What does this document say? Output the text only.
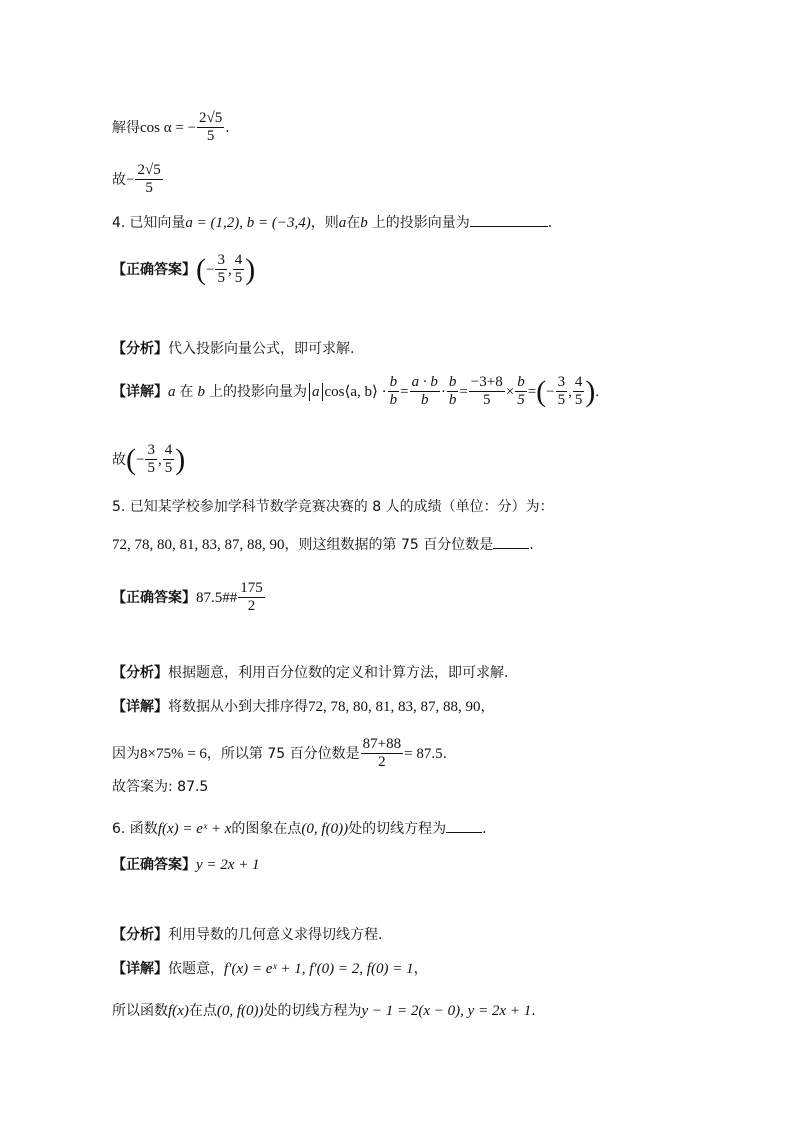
解得cos α = − $\frac{2√5}{5}$ .
故− $\frac{2√5}{5}$
4. 已知向量a = (1,2), b = (−3,4)，则a在b 上的投影向量为	.
【正确答案】(− $\frac{3}{5}$ , $\frac{4}{5}$ )
【分析】代入投影向量公式，即可求解.
【详解】a 在 b 上的投影向量为 a cos⟨a, b⟩ · $\frac{b}{b} = \frac{a \cdot b}{b} \cdot \frac{b}{b} = \frac{-3+8}{5} \times \frac{b}{5}$ =(− $\frac{3}{5}$ , $\frac{4}{5}$ ).
故(− $\frac{3}{5}$ , $\frac{4}{5}$ )
5. 已知某学校参加学科节数学竞赛决赛的 8 人的成绩（单位：分）为：
72, 78, 80, 81, 83, 87, 88, 90，则这组数据的第 75 百分位数是	.
【正确答案】87.5## $\frac{175}{2}$
【分析】根据题意，利用百分位数的定义和计算方法，即可求解.
【详解】将数据从小到大排序得72, 78, 80, 81, 83, 87, 88, 90，
因为8×75% = 6，所以第 75 百分位数是 $\frac{87+88}{2} = 87.5$.
故答案为: 87.5
6. 函数f(x) = eˣ + x的图象在点(0, f(0))处的切线方程为	.
【正确答案】y = 2x + 1
【分析】利用导数的几何意义求得切线方程.
【详解】依题意，f′(x) = eˣ + 1, f′(0) = 2, f(0) = 1，
所以函数f(x)在点(0, f(0))处的切线方程为y − 1 = 2(x − 0), y = 2x + 1.
